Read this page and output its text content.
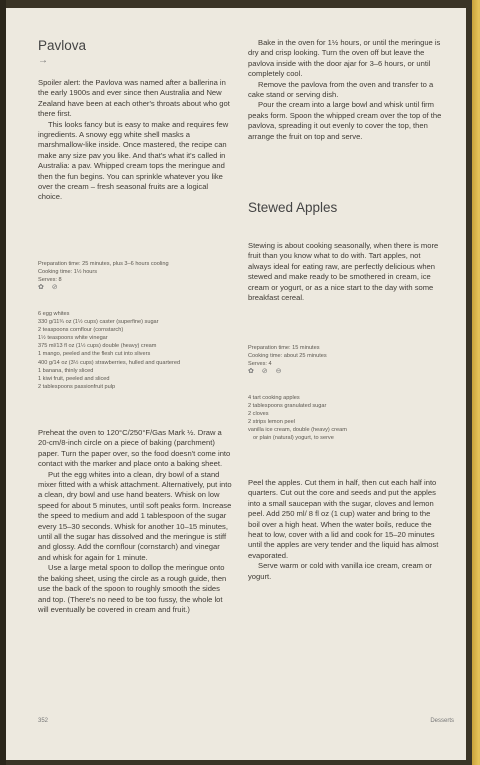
Pavlova
→

Spoiler alert: the Pavlova was named after a ballerina in the early 1900s and ever since then Australia and New Zealand have been at each other's throats about who got there first.

This looks fancy but is easy to make and requires few ingredients. A snowy egg white shell masks a marshmallow-like inside. Once mastered, the recipe can make any size pav you like. And that's what it's called in Australia: a pav. Whipped cream tops the meringue and then the fun begins. You can sprinkle whatever you like over the cream – fresh seasonal fruits are a logical choice.

Preparation time: 25 minutes, plus 3–6 hours cooling
Cooking time: 1½ hours
Serves: 8
✿ ⊘
6 egg whites
330 g/11¾ oz (1½ cups) caster (superfine) sugar
2 teaspoons cornflour (cornstarch)
1½ teaspoons white vinegar
375 ml/13 fl oz (1½ cups) double (heavy) cream
1 mango, peeled and the flesh cut into slivers
400 g/14 oz (3½ cups) strawberries, hulled and quartered
1 banana, thinly sliced
1 kiwi fruit, peeled and sliced
2 tablespoons passionfruit pulp

Preheat the oven to 120°C/250°F/Gas Mark ½. Draw a 20-cm/8-inch circle on a piece of baking (parchment) paper. Turn the paper over, so the food doesn't come into contact with the marker and place onto a baking sheet.

Put the egg whites into a clean, dry bowl of a stand mixer fitted with a whisk attachment. Alternatively, put into a clean, dry bowl and use hand beaters. Whisk on low speed for about 5 minutes, until soft peaks form. Increase the speed to medium and add 1 tablespoon of the sugar every 15–30 seconds. Whisk for another 10–15 minutes, until all the sugar has dissolved and the meringue is stiff and glossy. Add the cornflour (cornstarch) and vinegar and whisk for again for 1 minute.

Use a large metal spoon to dollop the meringue onto the baking sheet, using the circle as a rough guide, then use the back of the spoon to roughly smooth the sides and top. (There's no need to be too fussy, the whole lot will eventually be covered in cream and fruit.)

Bake in the oven for 1½ hours, or until the meringue is dry and crisp looking. Turn the oven off but leave the pavlova inside with the door ajar for 3–6 hours, or until completely cool.

Remove the pavlova from the oven and transfer to a cake stand or serving dish.

Pour the cream into a large bowl and whisk until firm peaks form. Spoon the whipped cream over the top of the pavlova, spreading it out evenly to cover the top, then arrange the fruit on top and serve.

Stewed Apples

Stewing is about cooking seasonally, when there is more fruit than you know what to do with. Tart apples, not always ideal for eating raw, are perfectly delicious when stewed and make ready to be smothered in cream, ice cream or yogurt, or as a nice start to the day with some breakfast cereal.

Preparation time: 15 minutes
Cooking time: about 25 minutes
Serves: 4
✿ ⊘ ⊖
4 tart cooking apples
2 tablespoons granulated sugar
2 cloves
2 strips lemon peel
vanilla ice cream, double (heavy) cream
or plain (natural) yogurt, to serve

Peel the apples. Cut them in half, then cut each half into quarters. Cut out the core and seeds and put the apples into a small saucepan with the sugar, cloves and lemon peel. Add 250 ml/ 8 fl oz (1 cup) water and bring to the boil over a high heat. When the water boils, reduce the heat to low, cover with a lid and cook for 15–20 minutes until the apples are very tender and the liquid has almost evaporated.

Serve warm or cold with vanilla ice cream, cream or yogurt.

352	Desserts
